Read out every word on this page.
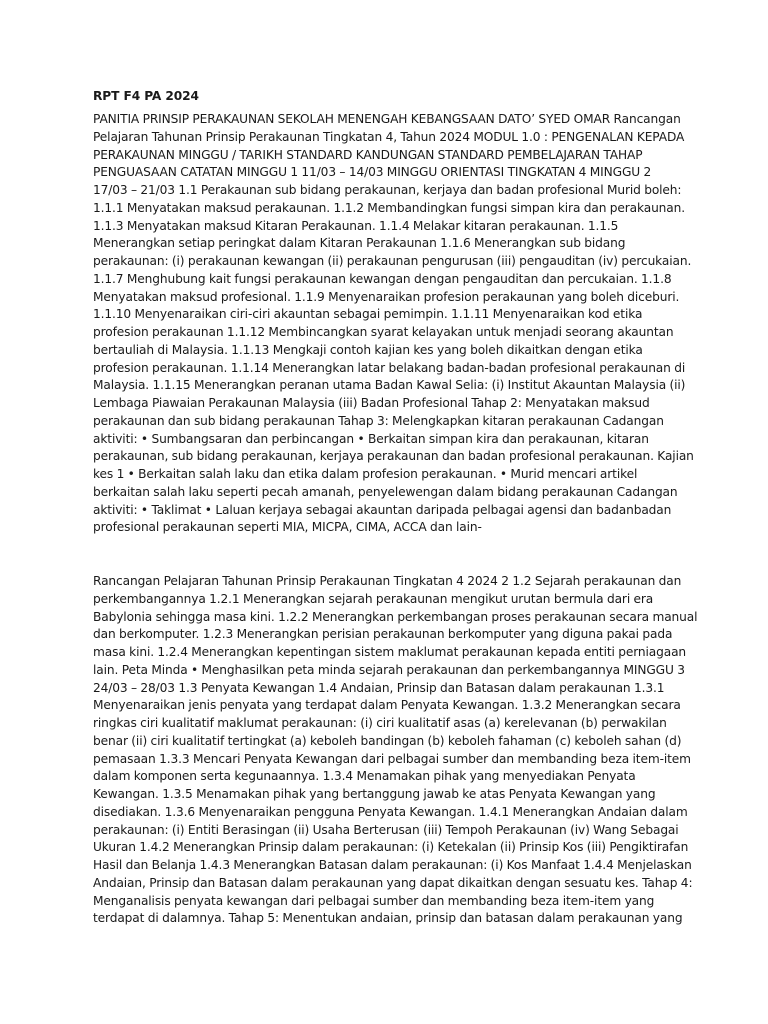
RPT F4 PA 2024
PANITIA PRINSIP PERAKAUNAN SEKOLAH MENENGAH KEBANGSAAN DATO’ SYED OMAR Rancangan
Pelajaran Tahunan Prinsip Perakaunan Tingkatan 4, Tahun 2024 MODUL 1.0 : PENGENALAN KEPADA
PERAKAUNAN MINGGU / TARIKH STANDARD KANDUNGAN STANDARD PEMBELAJARAN TAHAP
PENGUASAAN CATATAN MINGGU 1 11/03 – 14/03 MINGGU ORIENTASI TINGKATAN 4 MINGGU 2
17/03 – 21/03 1.1 Perakaunan sub bidang perakaunan, kerjaya dan badan profesional Murid boleh:
1.1.1 Menyatakan maksud perakaunan. 1.1.2 Membandingkan fungsi simpan kira dan perakaunan.
1.1.3 Menyatakan maksud Kitaran Perakaunan. 1.1.4 Melakar kitaran perakaunan. 1.1.5
Menerangkan setiap peringkat dalam Kitaran Perakaunan 1.1.6 Menerangkan sub bidang
perakaunan: (i) perakaunan kewangan (ii) perakaunan pengurusan (iii) pengauditan (iv) percukaian.
1.1.7 Menghubung kait fungsi perakaunan kewangan dengan pengauditan dan percukaian. 1.1.8
Menyatakan maksud profesional. 1.1.9 Menyenaraikan profesion perakaunan yang boleh diceburi.
1.1.10 Menyenaraikan ciri-ciri akauntan sebagai pemimpin. 1.1.11 Menyenaraikan kod etika
profesion perakaunan 1.1.12 Membincangkan syarat kelayakan untuk menjadi seorang akauntan
bertauliah di Malaysia. 1.1.13 Mengkaji contoh kajian kes yang boleh dikaitkan dengan etika
profesion perakaunan. 1.1.14 Menerangkan latar belakang badan-badan profesional perakaunan di
Malaysia. 1.1.15 Menerangkan peranan utama Badan Kawal Selia: (i) Institut Akauntan Malaysia (ii)
Lembaga Piawaian Perakaunan Malaysia (iii) Badan Profesional Tahap 2: Menyatakan maksud
perakaunan dan sub bidang perakaunan Tahap 3: Melengkapkan kitaran perakaunan Cadangan
aktiviti: • Sumbangsaran dan perbincangan • Berkaitan simpan kira dan perakaunan, kitaran
perakaunan, sub bidang perakaunan, kerjaya perakaunan dan badan profesional perakaunan. Kajian
kes 1 • Berkaitan salah laku dan etika dalam profesion perakaunan. • Murid mencari artikel
berkaitan salah laku seperti pecah amanah, penyelewengan dalam bidang perakaunan Cadangan
aktiviti: • Taklimat • Laluan kerjaya sebagai akauntan daripada pelbagai agensi dan badanbadan
profesional perakaunan seperti MIA, MICPA, CIMA, ACCA dan lain-
Rancangan Pelajaran Tahunan Prinsip Perakaunan Tingkatan 4 2024 2 1.2 Sejarah perakaunan dan
perkembangannya 1.2.1 Menerangkan sejarah perakaunan mengikut urutan bermula dari era
Babylonia sehingga masa kini. 1.2.2 Menerangkan perkembangan proses perakaunan secara manual
dan berkomputer. 1.2.3 Menerangkan perisian perakaunan berkomputer yang diguna pakai pada
masa kini. 1.2.4 Menerangkan kepentingan sistem maklumat perakaunan kepada entiti perniagaan
lain. Peta Minda • Menghasilkan peta minda sejarah perakaunan dan perkembangannya MINGGU 3
24/03 – 28/03 1.3 Penyata Kewangan 1.4 Andaian, Prinsip dan Batasan dalam perakaunan 1.3.1
Menyenaraikan jenis penyata yang terdapat dalam Penyata Kewangan. 1.3.2 Menerangkan secara
ringkas ciri kualitatif maklumat perakaunan: (i) ciri kualitatif asas (a) kerelevanan (b) perwakilan
benar (ii) ciri kualitatif tertingkat (a) keboleh bandingan (b) keboleh fahaman (c) keboleh sahan (d)
pemasaan 1.3.3 Mencari Penyata Kewangan dari pelbagai sumber dan membanding beza item-item
dalam komponen serta kegunaannya. 1.3.4 Menamakan pihak yang menyediakan Penyata
Kewangan. 1.3.5 Menamakan pihak yang bertanggung jawab ke atas Penyata Kewangan yang
disediakan. 1.3.6 Menyenaraikan pengguna Penyata Kewangan. 1.4.1 Menerangkan Andaian dalam
perakaunan: (i) Entiti Berasingan (ii) Usaha Berterusan (iii) Tempoh Perakaunan (iv) Wang Sebagai
Ukuran 1.4.2 Menerangkan Prinsip dalam perakaunan: (i) Ketekalan (ii) Prinsip Kos (iii) Pengiktirafan
Hasil dan Belanja 1.4.3 Menerangkan Batasan dalam perakaunan: (i) Kos Manfaat 1.4.4 Menjelaskan
Andaian, Prinsip dan Batasan dalam perakaunan yang dapat dikaitkan dengan sesuatu kes. Tahap 4:
Menganalisis penyata kewangan dari pelbagai sumber dan membanding beza item-item yang
terdapat di dalamnya. Tahap 5: Menentukan andaian, prinsip dan batasan dalam perakaunan yang
